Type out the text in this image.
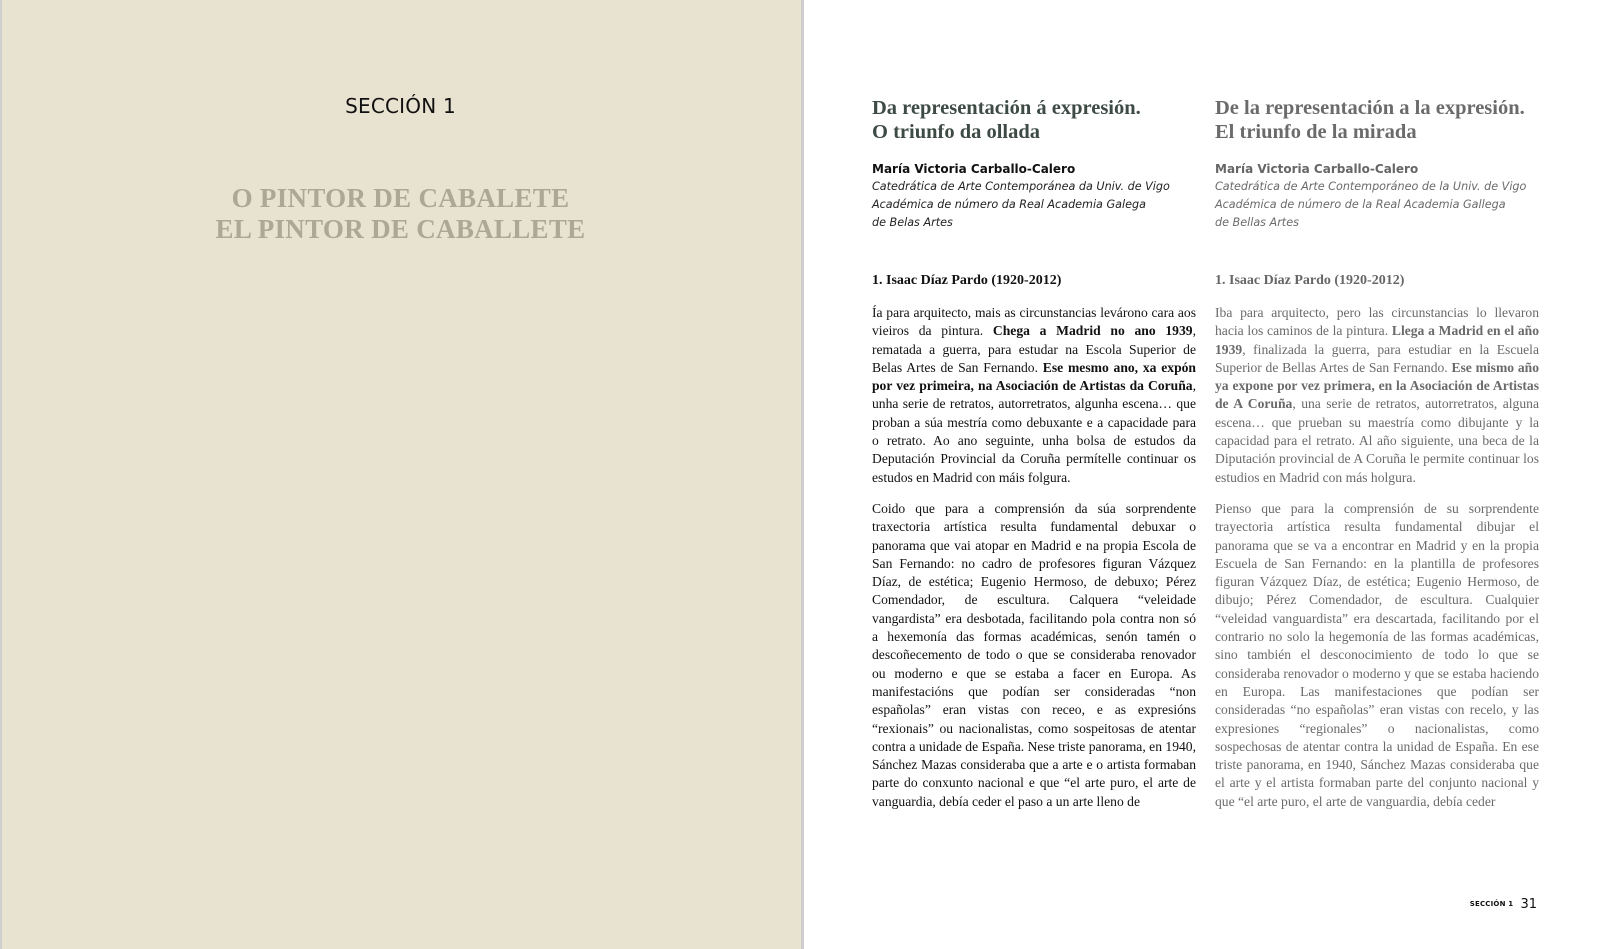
SECCIÓN 1
O PINTOR DE CABALETE
EL PINTOR DE CABALLETE
Da representación á expresión.
O triunfo da ollada
María Victoria Carballo-Calero
Catedrática de Arte Contemporánea da Univ. de Vigo
Académica de número da Real Academia Galega
de Belas Artes
1. Isaac Díaz Pardo (1920-2012)

Ía para arquitecto, mais as circunstancias levárono cara aos vieiros da pintura. Chega a Madrid no ano 1939, rematada a guerra, para estudar na Escola Superior de Belas Artes de San Fernando. Ese mesmo ano, xa expón por vez primeira, na Asociación de Artistas da Coruña, unha serie de retratos, autorretratos, algunha escena… que proban a súa mestría como debuxante e a capacidade para o retrato. Ao ano seguinte, unha bolsa de estudos da Deputación Provincial da Coruña permítelle continuar os estudos en Madrid con máis folgura.

Coido que para a comprensión da súa sorprendente traxectoria artística resulta fundamental debuxar o panorama que vai atopar en Madrid e na propia Escola de San Fernando: no cadro de profesores figuran Vázquez Díaz, de estética; Eugenio Hermoso, de debuxo; Pérez Comendador, de escultura. Calquera “veleidade vangardista” era desbotada, facilitando pola contra non só a hexemonía das formas académicas, senón tamén o descoñecemento de todo o que se consideraba renovador ou moderno e que se estaba a facer en Europa. As manifestacións que podían ser consideradas “non españolas” eran vistas con receo, e as expresións “rexionais” ou nacionalistas, como sospeitosas de atentar contra a unidade de España. Nese triste panorama, en 1940, Sánchez Mazas consideraba que a arte e o artista formaban parte do conxunto nacional e que “el arte puro, el arte de vanguardia, debía ceder el paso a un arte lleno de

De la representación a la expresión.
El triunfo de la mirada
María Victoria Carballo-Calero
Catedrática de Arte Contemporáneo de la Univ. de Vigo
Académica de número de la Real Academia Gallega
de Bellas Artes
1. Isaac Díaz Pardo (1920-2012)

Iba para arquitecto, pero las circunstancias lo llevaron hacia los caminos de la pintura. Llega a Madrid en el año 1939, finalizada la guerra, para estudiar en la Escuela Superior de Bellas Artes de San Fernando. Ese mismo año ya expone por vez primera, en la Asociación de Artistas de A Coruña, una serie de retratos, autorretratos, alguna escena… que prueban su maestría como dibujante y la capacidad para el retrato. Al año siguiente, una beca de la Diputación provincial de A Coruña le permite continuar los estudios en Madrid con más holgura.

Pienso que para la comprensión de su sorprendente trayectoria artística resulta fundamental dibujar el panorama que se va a encontrar en Madrid y en la propia Escuela de San Fernando: en la plantilla de profesores figuran Vázquez Díaz, de estética; Eugenio Hermoso, de dibujo; Pérez Comendador, de escultura. Cualquier “veleidad vanguardista” era descartada, facilitando por el contrario no solo la hegemonía de las formas académicas, sino también el desconocimiento de todo lo que se consideraba renovador o moderno y que se estaba haciendo en Europa. Las manifestaciones que podían ser consideradas “no españolas” eran vistas con recelo, y las expresiones “regionales” o nacionalistas, como sospechosas de atentar contra la unidad de España. En ese triste panorama, en 1940, Sánchez Mazas consideraba que el arte y el artista formaban parte del conjunto nacional y que “el arte puro, el arte de vanguardia, debía ceder

SECCIÓN 1 31
